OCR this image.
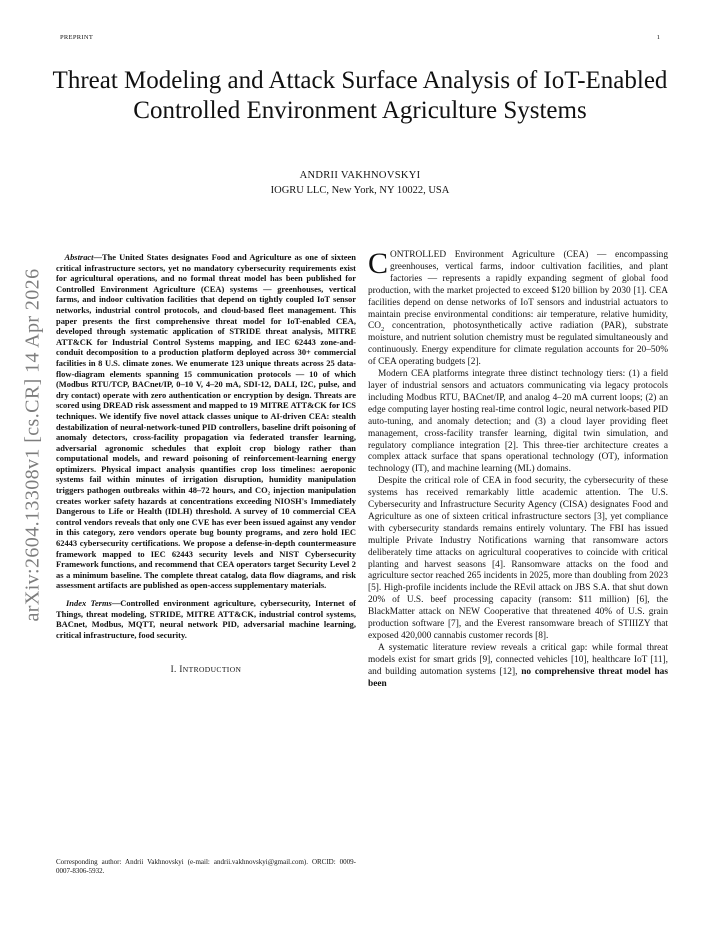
PREPRINT	1
Threat Modeling and Attack Surface Analysis of IoT-Enabled Controlled Environment Agriculture Systems
ANDRII VAKHNOVSKYI
IOGRU LLC, New York, NY 10022, USA
arXiv:2604.13308v1 [cs.CR] 14 Apr 2026

 Abstract—The United States designates Food and Agriculture as one of sixteen critical infrastructure sectors, yet no mandatory cybersecurity requirements exist for agricultural operations, and no formal threat model has been published for Controlled Environment Agriculture (CEA) systems — greenhouses, vertical farms, and indoor cultivation facilities that depend on tightly coupled IoT sensor networks, industrial control protocols, and cloud-based fleet management. This paper presents the first comprehensive threat model for IoT-enabled CEA, developed through systematic application of STRIDE threat analysis, MITRE ATT&CK for Industrial Control Systems mapping, and IEC 62443 zone-and-conduit decomposition to a production platform deployed across 30+ commercial facilities in 8 U.S. climate zones. We enumerate 123 unique threats across 25 data-flow-diagram elements spanning 15 communication protocols — 10 of which (Modbus RTU/TCP, BACnet/IP, 0–10 V, 4–20 mA, SDI-12, DALI, I2C, pulse, and dry contact) operate with zero authentication or encryption by design. Threats are scored using DREAD risk assessment and mapped to 19 MITRE ATT&CK for ICS techniques. We identify five novel attack classes unique to AI-driven CEA: stealth destabilization of neural-network-tuned PID controllers, baseline drift poisoning of anomaly detectors, cross-facility propagation via federated transfer learning, adversarial agronomic schedules that exploit crop biology rather than computational models, and reward poisoning of reinforcement-learning energy optimizers. Physical impact analysis quantifies crop loss timelines: aeroponic systems fail within minutes of irrigation disruption, humidity manipulation triggers pathogen outbreaks within 48–72 hours, and CO₂ injection manipulation creates worker safety hazards at concentrations exceeding NIOSH's Immediately Dangerous to Life or Health (IDLH) threshold. A survey of 10 commercial CEA control vendors reveals that only one CVE has ever been issued against any vendor in this category, zero vendors operate bug bounty programs, and zero hold IEC 62443 cybersecurity certifications. We propose a defense-in-depth countermeasure framework mapped to IEC 62443 security levels and NIST Cybersecurity Framework functions, and recommend that CEA operators target Security Level 2 as a minimum baseline. The complete threat catalog, data flow diagrams, and risk assessment artifacts are published as open-access supplementary materials.

Index Terms—Controlled environment agriculture, cybersecurity, Internet of Things, threat modeling, STRIDE, MITRE ATT&CK, industrial control systems, BACnet, Modbus, MQTT, neural network PID, adversarial machine learning, critical infrastructure, food security.

I. INTRODUCTION
Corresponding author: Andrii Vakhnovskyi (e-mail: andrii.vakhnovskyi@gmail.com). ORCID: 0009-0007-8306-5932.

CONTROLLED Environment Agriculture (CEA) — encompassing greenhouses, vertical farms, indoor cultivation facilities, and plant factories — represents a rapidly expanding segment of global food production, with the market projected to exceed $120 billion by 2030 [1]. CEA facilities depend on dense networks of IoT sensors and industrial actuators to maintain precise environmental conditions: air temperature, relative humidity, $CO_2$ concentration, photosynthetically active radiation (PAR), substrate moisture, and nutrient solution chemistry must be regulated simultaneously and continuously. Energy expenditure for climate regulation accounts for 20–50% of CEA operating budgets [2].

Modern CEA platforms integrate three distinct technology tiers: (1) a field layer of industrial sensors and actuators communicating via legacy protocols including Modbus RTU, BACnet/IP, and analog 4–20 mA current loops; (2) an edge computing layer hosting real-time control logic, neural network-based PID auto-tuning, and anomaly detection; and (3) a cloud layer providing fleet management, cross-facility transfer learning, digital twin simulation, and regulatory compliance integration [2]. This three-tier architecture creates a complex attack surface that spans operational technology (OT), information technology (IT), and machine learning (ML) domains.

Despite the critical role of CEA in food security, the cybersecurity of these systems has received remarkably little academic attention. The U.S. Cybersecurity and Infrastructure Security Agency (CISA) designates Food and Agriculture as one of sixteen critical infrastructure sectors [3], yet compliance with cybersecurity standards remains entirely voluntary. The FBI has issued multiple Private Industry Notifications warning that ransomware actors deliberately time attacks on agricultural cooperatives to coincide with critical planting and harvest seasons [4]. Ransomware attacks on the food and agriculture sector reached 265 incidents in 2025, more than doubling from 2023 [5]. High-profile incidents include the REvil attack on JBS S.A. that shut down 20% of U.S. beef processing capacity (ransom: $11 million) [6], the BlackMatter attack on NEW Cooperative that threatened 40% of U.S. grain production software [7], and the Everest ransomware breach of STIIIZY that exposed 420,000 cannabis customer records [8].

A systematic literature review reveals a critical gap: while formal threat models exist for smart grids [9], connected vehicles [10], healthcare IoT [11], and building automation systems [12], no comprehensive threat model has been
